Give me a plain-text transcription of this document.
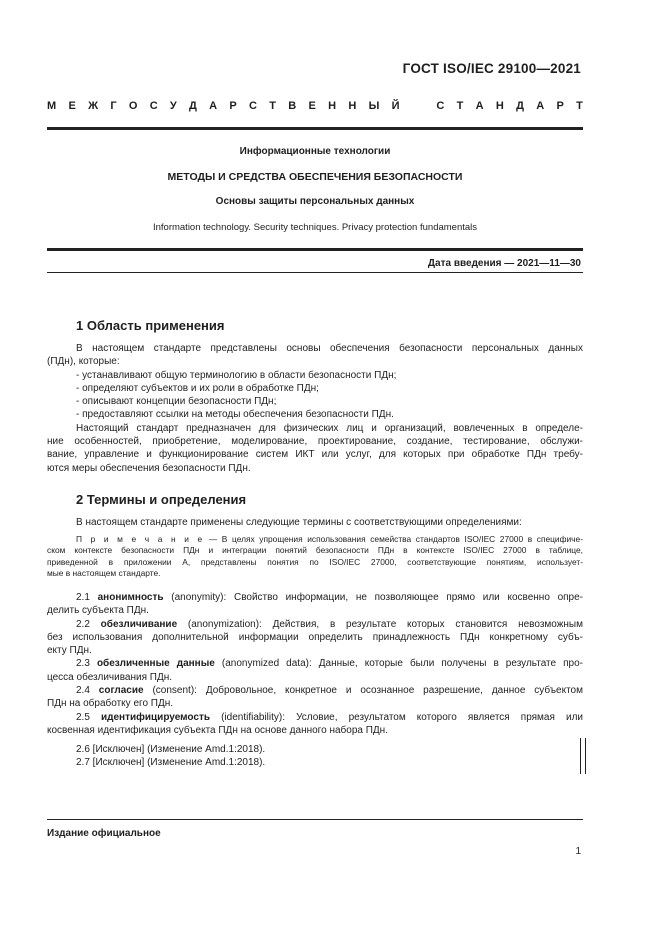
ГОСТ ISO/IEC 29100—2021
М Е Ж Г О С У Д А Р С Т В Е Н Н Ы Й	С Т А Н Д А Р Т
Информационные технологии
МЕТОДЫ И СРЕДСТВА ОБЕСПЕЧЕНИЯ БЕЗОПАСНОСТИ
Основы защиты персональных данных
Information technology. Security techniques. Privacy protection fundamentals
Дата введения — 2021—11—30
1 Область применения

В настоящем стандарте представлены основы обеспечения безопасности персональных данных

(ПДн), которые:

- устанавливают общую терминологию в области безопасности ПДн;

- определяют субъектов и их роли в обработке ПДн;

- описывают концепции безопасности ПДн;

- предоставляют ссылки на методы обеспечения безопасности ПДн.

Настоящий стандарт предназначен для физических лиц и организаций, вовлеченных в определе-

ние особенностей, приобретение, моделирование, проектирование, создание, тестирование, обслужи-

вание, управление и функционирование систем ИКТ или услуг, для которых при обработке ПДн требу-

ются меры обеспечения безопасности ПДн.

2 Термины и определения

В настоящем стандарте применены следующие термины с соответствующими определениями:

П р и м е ч а н и е — В целях упрощения использования семейства стандартов ISO/IEC 27000 в специфиче-
ском контексте безопасности ПДн и интеграции понятий безопасности ПДн в контексте ISO/IEC 27000 в таблице,
приведенной в приложении А, представлены понятия по ISO/IEC 27000, соответствующие понятиям, использует-
мые в настоящем стандарте.

2.1 анонимность (anonymity): Свойство информации, не позволяющее прямо или косвенно опре-

делить субъекта ПДн.

2.2 обезличивание (anonymization): Действия, в результате которых становится невозможным

без использования дополнительной информации определить принадлежность ПДн конкретному субъ-

екту ПДн.

2.3 обезличенные данные (anonymized data): Данные, которые были получены в результате про-

цесса обезличивания ПДн.

2.4 согласие (consent): Добровольное, конкретное и осознанное разрешение, данное субъектом

ПДн на обработку его ПДн.

2.5 идентифицируемость (identifiability): Условие, результатом которого является прямая или

косвенная идентификация субъекта ПДн на основе данного набора ПДн.

2.6 [Исключен] (Изменение Amd.1:2018).

2.7 [Исключен] (Изменение Amd.1:2018).

Издание официальное
1
